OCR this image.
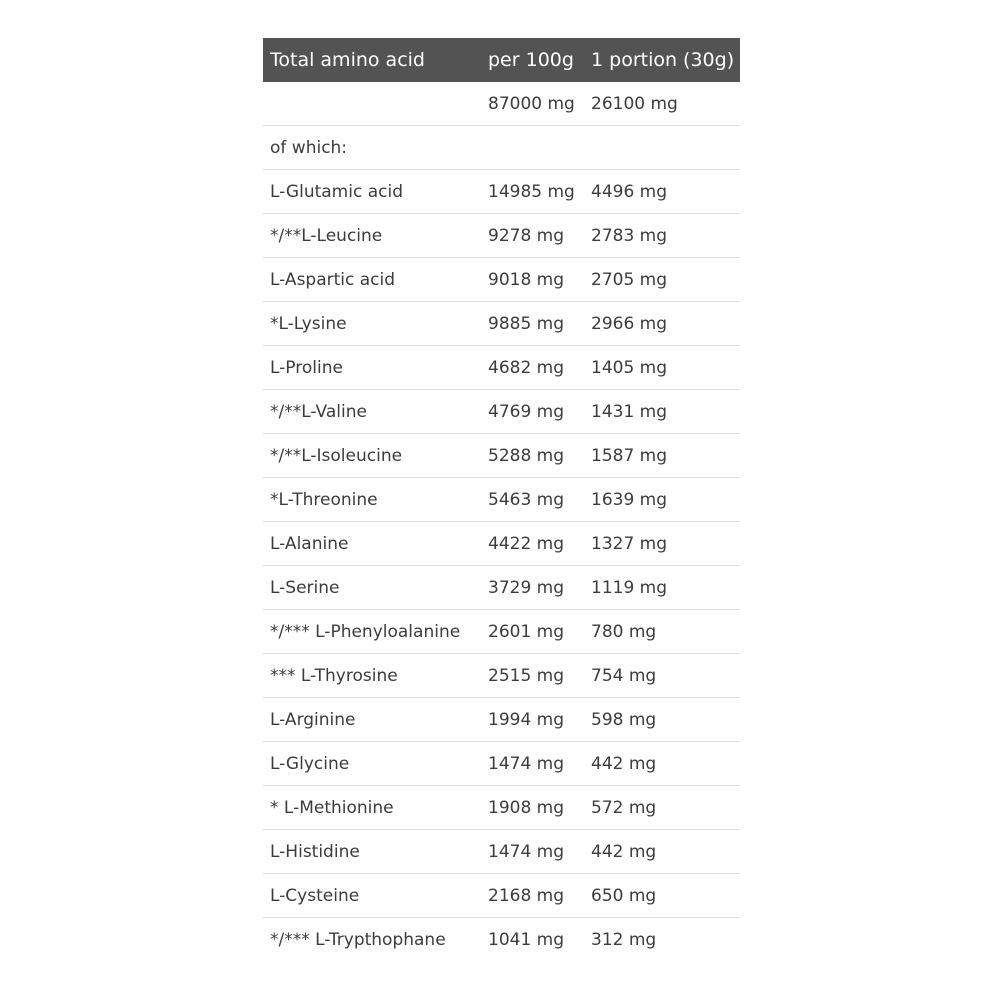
Total amino acid	per 100g	1 portion (30g)
	87000 mg	26100 mg
of which:		
L-Glutamic acid	14985 mg	4496 mg
*/**L-Leucine	9278 mg	2783 mg
L-Aspartic acid	9018 mg	2705 mg
*L-Lysine	9885 mg	2966 mg
L-Proline	4682 mg	1405 mg
*/**L-Valine	4769 mg	1431 mg
*/**L-Isoleucine	5288 mg	1587 mg
*L-Threonine	5463 mg	1639 mg
L-Alanine	4422 mg	1327 mg
L-Serine	3729 mg	1119 mg
*/*** L-Phenyloalanine	2601 mg	780 mg
*** L-Thyrosine	2515 mg	754 mg
L-Arginine	1994 mg	598 mg
L-Glycine	1474 mg	442 mg
* L-Methionine	1908 mg	572 mg
L-Histidine	1474 mg	442 mg
L-Cysteine	2168 mg	650 mg
*/*** L-Trypthophane	1041 mg	312 mg
